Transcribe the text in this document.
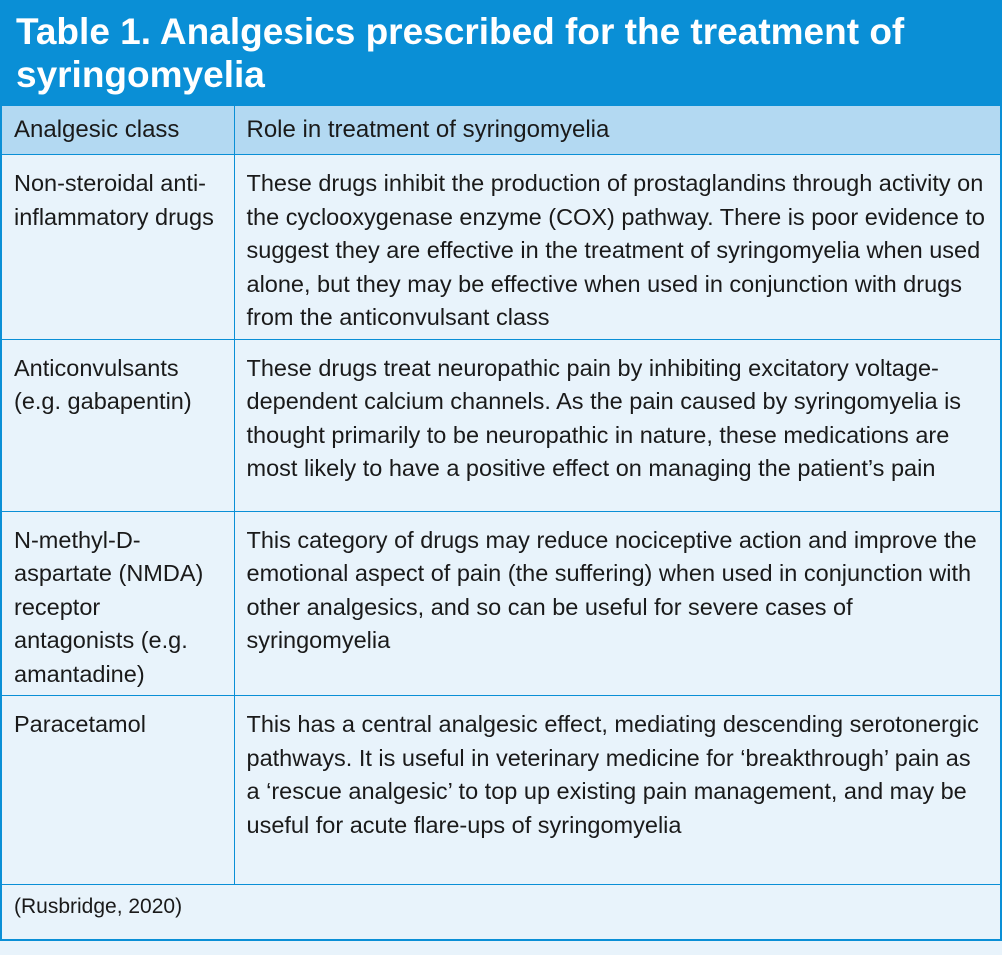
Table 1. Analgesics prescribed for the treatment of syringomyelia
Analgesic class	Role in treatment of syringomyelia
Non-steroidal anti-inflammatory drugs	These drugs inhibit the production of prostaglandins through activity on the cyclooxygenase enzyme (COX) pathway. There is poor evidence to suggest they are effective in the treatment of syringomyelia when used alone, but they may be effective when used in conjunction with drugs from the anticonvulsant class
Anticonvulsants (e.g. gabapentin)	These drugs treat neuropathic pain by inhibiting excitatory voltage-dependent calcium channels. As the pain caused by syringomyelia is thought primarily to be neuropathic in nature, these medications are most likely to have a positive effect on managing the patient’s pain
N-methyl-D-aspartate (NMDA) receptor antagonists (e.g. amantadine)	This category of drugs may reduce nociceptive action and improve the emotional aspect of pain (the suffering) when used in conjunction with other analgesics, and so can be useful for severe cases of syringomyelia
Paracetamol	This has a central analgesic effect, mediating descending serotonergic pathways. It is useful in veterinary medicine for ‘breakthrough’ pain as a ‘rescue analgesic’ to top up existing pain management, and may be useful for acute flare-ups of syringomyelia
(Rusbridge, 2020)
